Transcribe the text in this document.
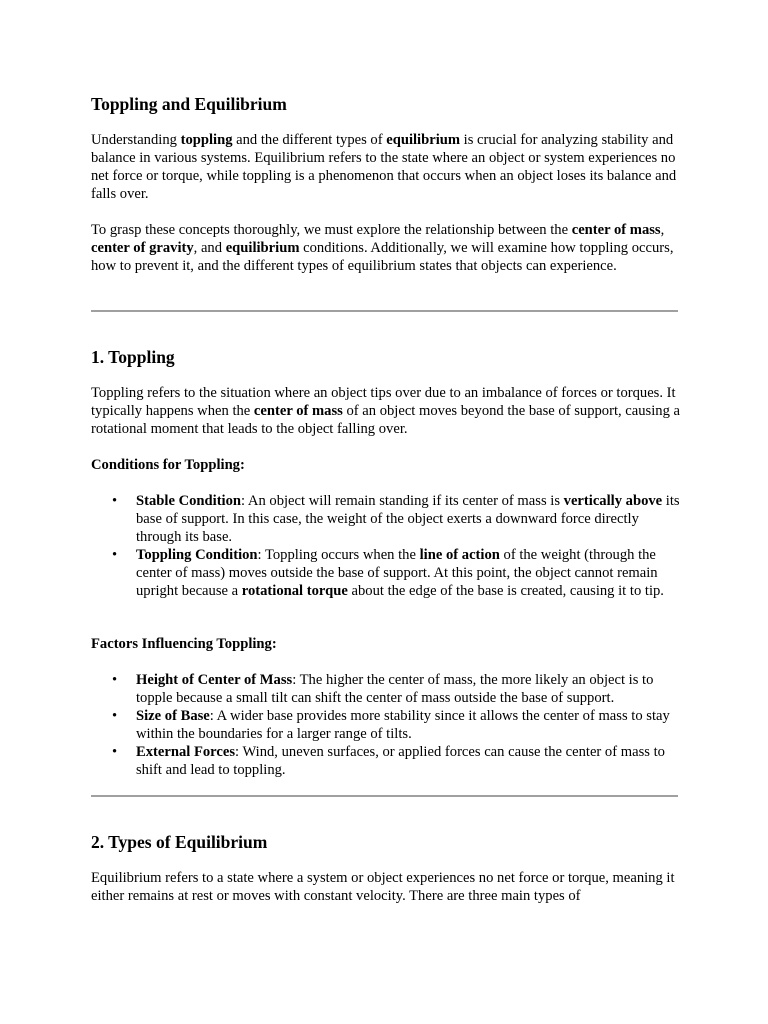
Toppling and Equilibrium

Understanding toppling and the different types of equilibrium is crucial for analyzing stability and balance in various systems. Equilibrium refers to the state where an object or system experiences no net force or torque, while toppling is a phenomenon that occurs when an object loses its balance and falls over.

To grasp these concepts thoroughly, we must explore the relationship between the center of mass, center of gravity, and equilibrium conditions. Additionally, we will examine how toppling occurs, how to prevent it, and the different types of equilibrium states that objects can experience.

1. Toppling

Toppling refers to the situation where an object tips over due to an imbalance of forces or torques. It typically happens when the center of mass of an object moves beyond the base of support, causing a rotational moment that leads to the object falling over.

Conditions for Toppling:

• Stable Condition: An object will remain standing if its center of mass is vertically above its base of support. In this case, the weight of the object exerts a downward force directly through its base.
• Toppling Condition: Toppling occurs when the line of action of the weight (through the center of mass) moves outside the base of support. At this point, the object cannot remain upright because a rotational torque about the edge of the base is created, causing it to tip.

Factors Influencing Toppling:

• Height of Center of Mass: The higher the center of mass, the more likely an object is to topple because a small tilt can shift the center of mass outside the base of support.
• Size of Base: A wider base provides more stability since it allows the center of mass to stay within the boundaries for a larger range of tilts.
• External Forces: Wind, uneven surfaces, or applied forces can cause the center of mass to shift and lead to toppling.
2. Types of Equilibrium

Equilibrium refers to a state where a system or object experiences no net force or torque, meaning it either remains at rest or moves with constant velocity. There are three main types of
